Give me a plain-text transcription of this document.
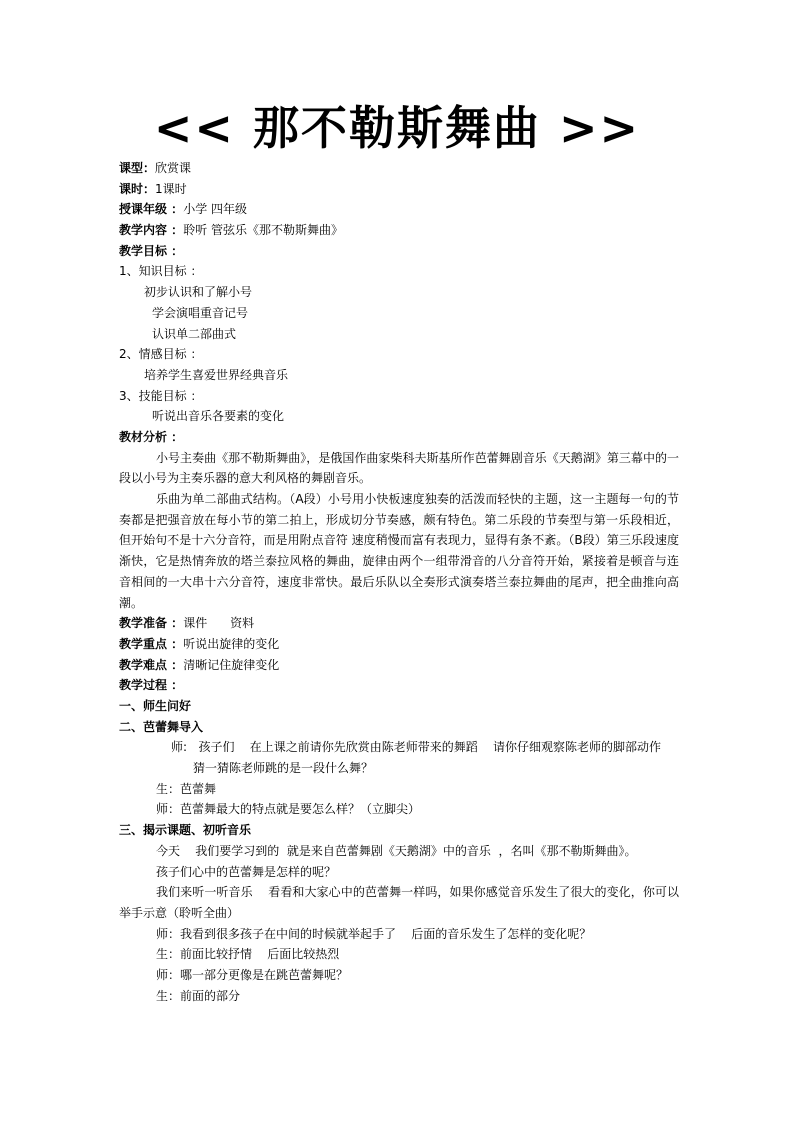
<< 那不勒斯舞曲 >>
课型：欣赏课
课时：1课时
授课年级 ：小学 四年级
教学内容 ：聆听 管弦乐《那不勒斯舞曲》
教学目标 ：
1、知识目标 ：
初步认识和了解小号
学会演唱重音记号
认识单二部曲式
2、情感目标 ：
培养学生喜爱世界经典音乐
3、技能目标 ：
听说出音乐各要素的变化
教材分析 ：
小号主奏曲《那不勒斯舞曲》，是俄国作曲家柴科夫斯基所作芭蕾舞剧音乐《天鹅湖》第三幕中的一段以小号为主奏乐器的意大利风格的舞剧音乐。
乐曲为单二部曲式结构。（A段）小号用小快板速度独奏的活泼而轻快的主题，这一主题每一句的节奏都是把强音放在每小节的第二拍上，形成切分节奏感，颇有特色。第二乐段的节奏型与第一乐段相近，但开始句不是十六分音符，而是用附点音符 速度稍慢而富有表现力，显得有条不紊。（B段）第三乐段速度渐快，它是热情奔放的塔兰泰拉风格的舞曲，旋律由两个一组带滑音的八分音符开始，紧接着是顿音与连音相间的一大串十六分音符，速度非常快。最后乐队以全奏形式演奏塔兰泰拉舞曲的尾声，把全曲推向高潮。
教学准备 ：课件      资料
教学重点 ：听说出旋律的变化
教学难点 ：清晰记住旋律变化
教学过程 ：
一、师生问好
二、芭蕾舞导入
师:   孩子们    在上课之前请你先欣赏由陈老师带来的舞蹈    请你仔细观察陈老师的脚部动作
猜一猜陈老师跳的是一段什么舞？
生：芭蕾舞
师：芭蕾舞最大的特点就是要怎么样？（立脚尖）
三、揭示课题、初听音乐
今天    我们要学习到的  就是来自芭蕾舞剧《天鹅湖》中的音乐  ，名叫《那不勒斯舞曲》。
孩子们心中的芭蕾舞是怎样的呢？
我们来听一听音乐    看看和大家心中的芭蕾舞一样吗，如果你感觉音乐发生了很大的变化，你可以举手示意（聆听全曲）
师：我看到很多孩子在中间的时候就举起手了    后面的音乐发生了怎样的变化呢？
生：前面比较抒情    后面比较热烈
师：哪一部分更像是在跳芭蕾舞呢？
生：前面的部分
